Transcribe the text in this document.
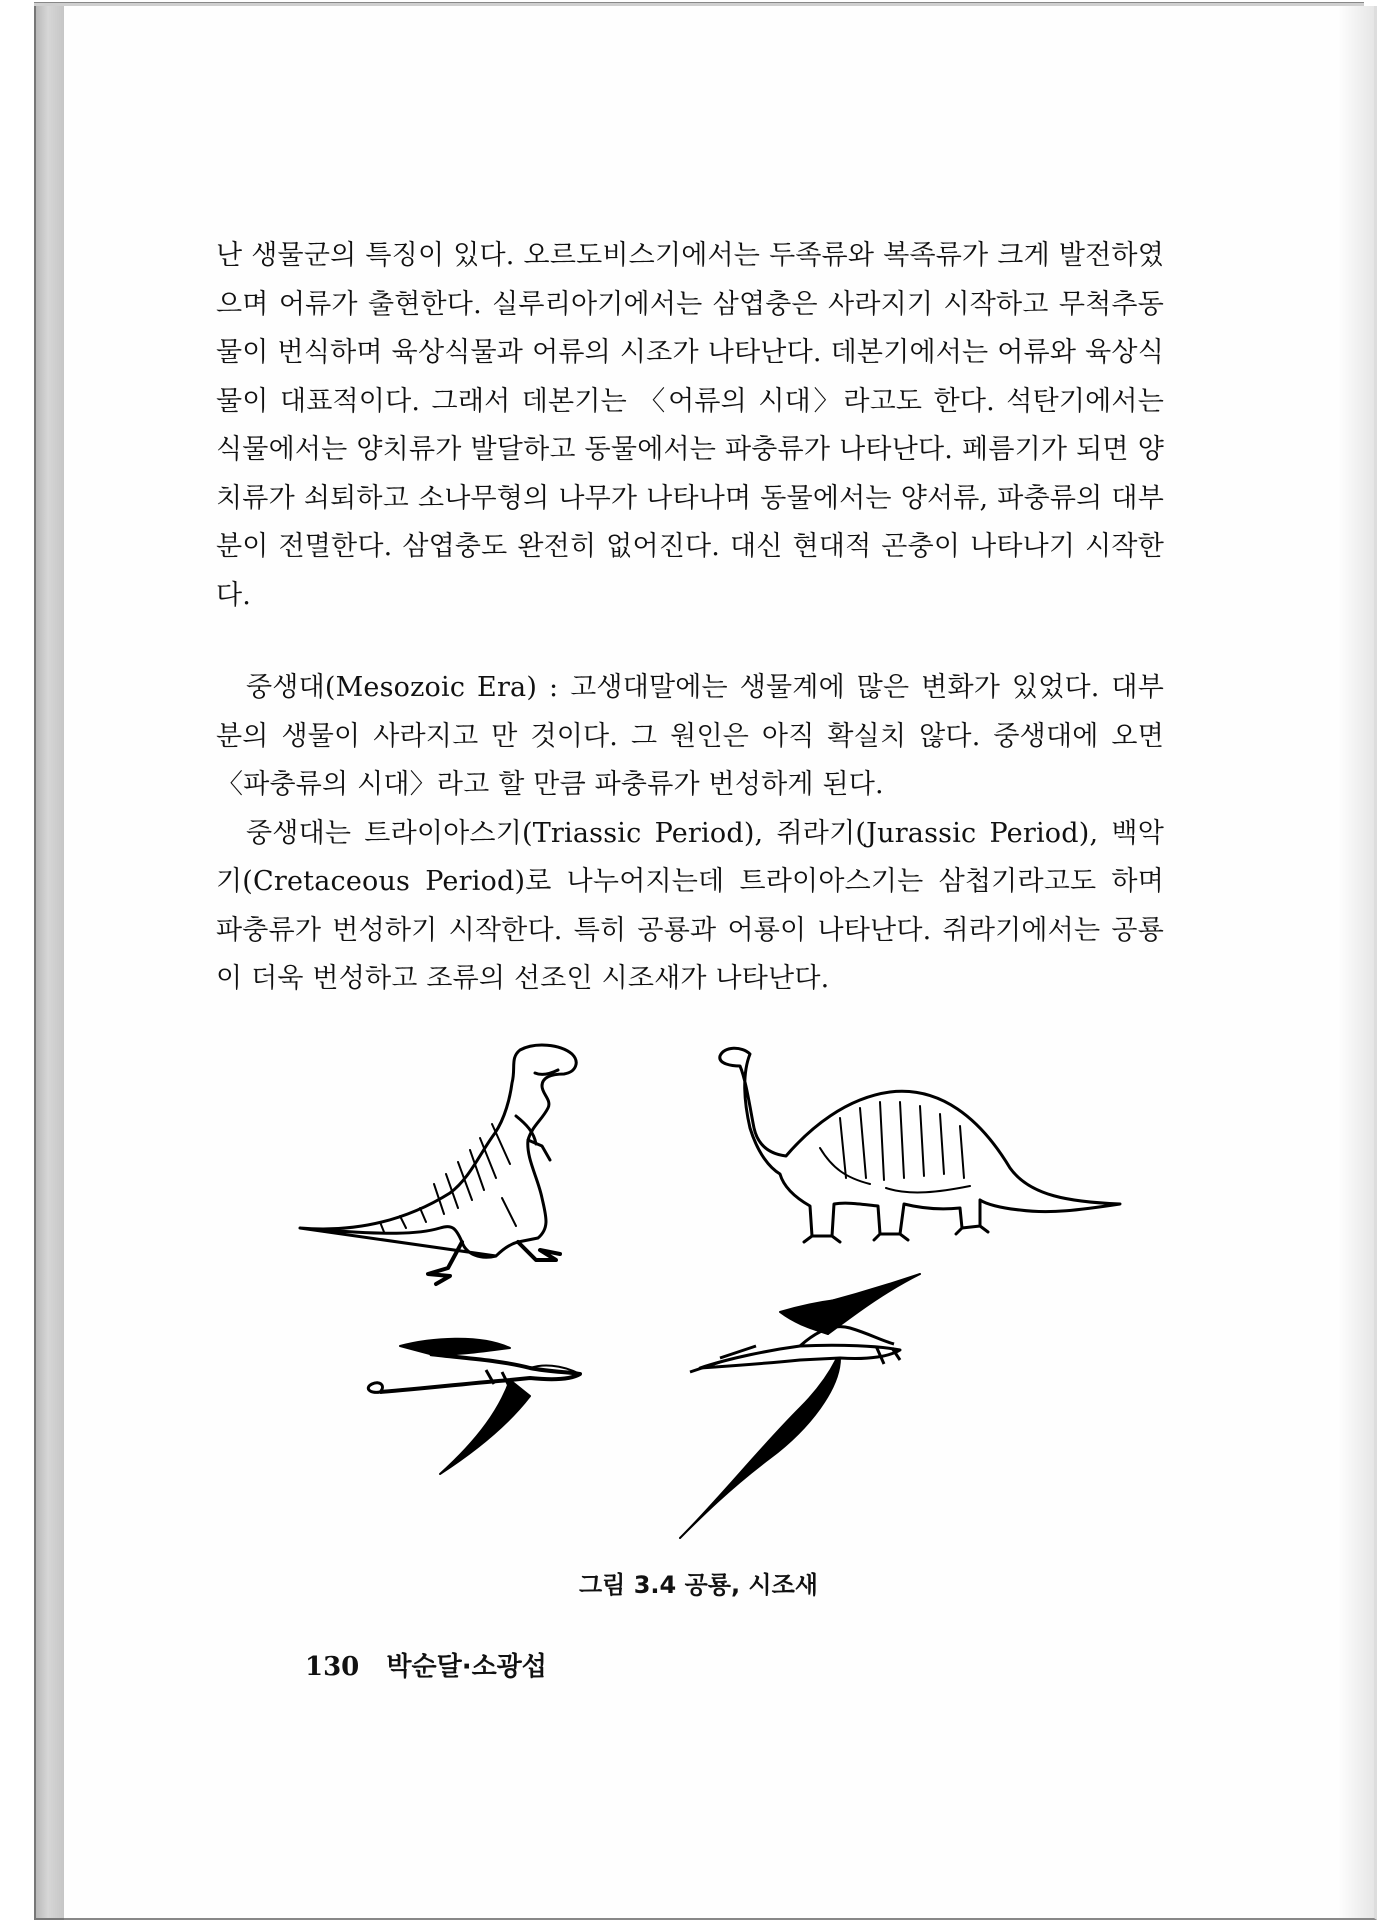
난 생물군의 특징이 있다. 오르도비스기에서는 두족류와 복족류가 크게 발전하였으며 어류가 출현한다. 실루리아기에서는 삼엽충은 사라지기 시작하고 무척추동물이 번식하며 육상식물과 어류의 시조가 나타난다. 데본기에서는 어류와 육상식물이 대표적이다. 그래서 데본기는 〈어류의 시대〉라고도 한다. 석탄기에서는 식물에서는 양치류가 발달하고 동물에서는 파충류가 나타난다. 페름기가 되면 양치류가 쇠퇴하고 소나무형의 나무가 나타나며 동물에서는 양서류, 파충류의 대부분이 전멸한다. 삼엽충도 완전히 없어진다. 대신 현대적 곤충이 나타나기 시작한다.

중생대(Mesozoic Era) : 고생대말에는 생물계에 많은 변화가 있었다. 대부분의 생물이 사라지고 만 것이다. 그 원인은 아직 확실치 않다. 중생대에 오면 〈파충류의 시대〉라고 할 만큼 파충류가 번성하게 된다.

중생대는 트라이아스기(Triassic Period), 쥐라기(Jurassic Period), 백악기(Cretaceous Period)로 나누어지는데 트라이아스기는 삼첩기라고도 하며 파충류가 번성하기 시작한다. 특히 공룡과 어룡이 나타난다. 쥐라기에서는 공룡이 더욱 번성하고 조류의 선조인 시조새가 나타난다.

그림 3.4 공룡, 시조새
130 박순달·소광섭
